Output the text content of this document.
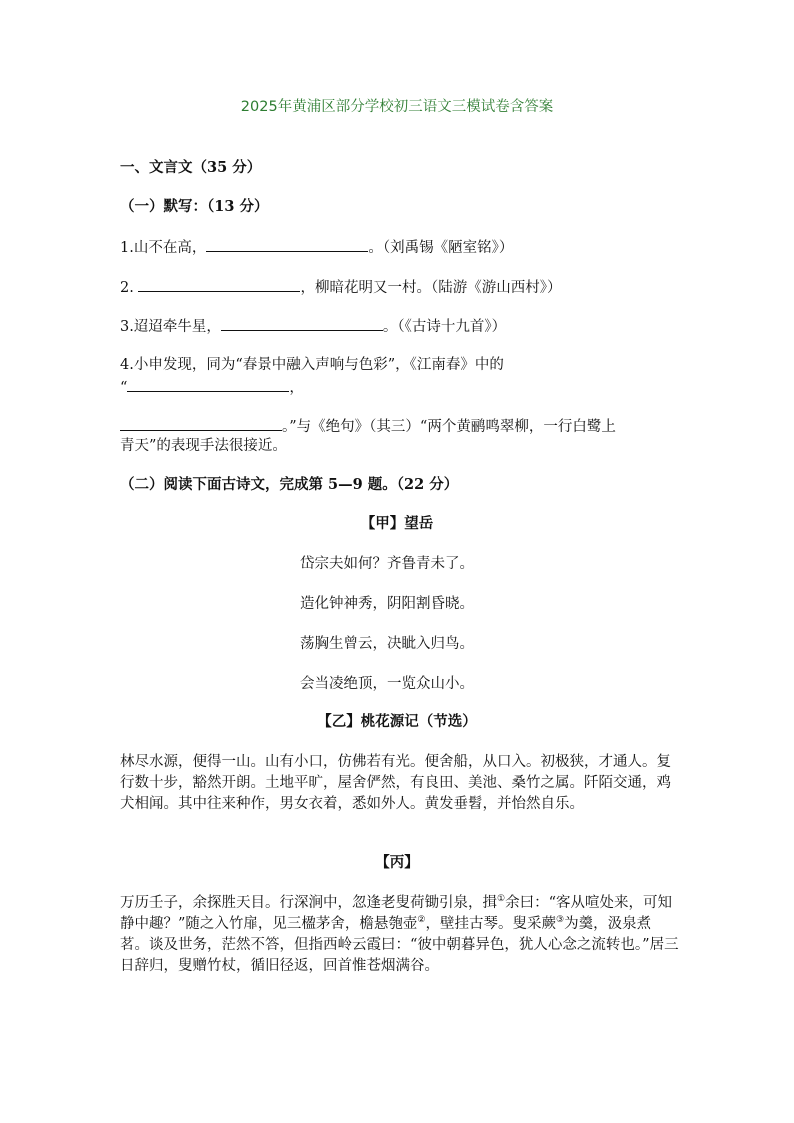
2025年黄浦区部分学校初三语文三模试卷含答案
一、文言文（35 分）
（一）默写：（13 分）
1.山不在高，	。（刘禹锡《陋室铭》）
2.	，柳暗花明又一村。（陆游《游山西村》）
3.迢迢牵牛星，	。（《古诗十九首》）
4.小申发现，同为“春景中融入声响与色彩”，《江南春》中的
“	，
。”与《绝句》（其三）“两个黄鹂鸣翠柳，一行白鹭上
青天”的表现手法很接近。
（二）阅读下面古诗文，完成第 5—9 题。（22 分）
【甲】望岳
岱宗夫如何？齐鲁青未了。
造化钟神秀，阴阳割昏晓。
荡胸生曾云，决眦入归鸟。
会当凌绝顶，一览众山小。
【乙】桃花源记（节选）
林尽水源，便得一山。山有小口，仿佛若有光。便舍船，从口入。初极狭，才通人。复行数十步，豁然开朗。土地平旷，屋舍俨然，有良田、美池、桑竹之属。阡陌交通，鸡犬相闻。其中往来种作，男女衣着，悉如外人。黄发垂髫，并怡然自乐。
【丙】
万历壬子，余探胜天目。行深涧中，忽逢老叟荷锄引泉，揖①余曰：“客从喧处来，可知静中趣？”随之入竹扉，见三楹茅舍，檐悬匏壶②，壁挂古琴。叟采蕨③为羹，汲泉煮茗。谈及世务，茫然不答，但指西岭云霞曰：“彼中朝暮异色，犹人心念之流转也。”居三日辞归，叟赠竹杖，循旧径返，回首惟苍烟满谷。
